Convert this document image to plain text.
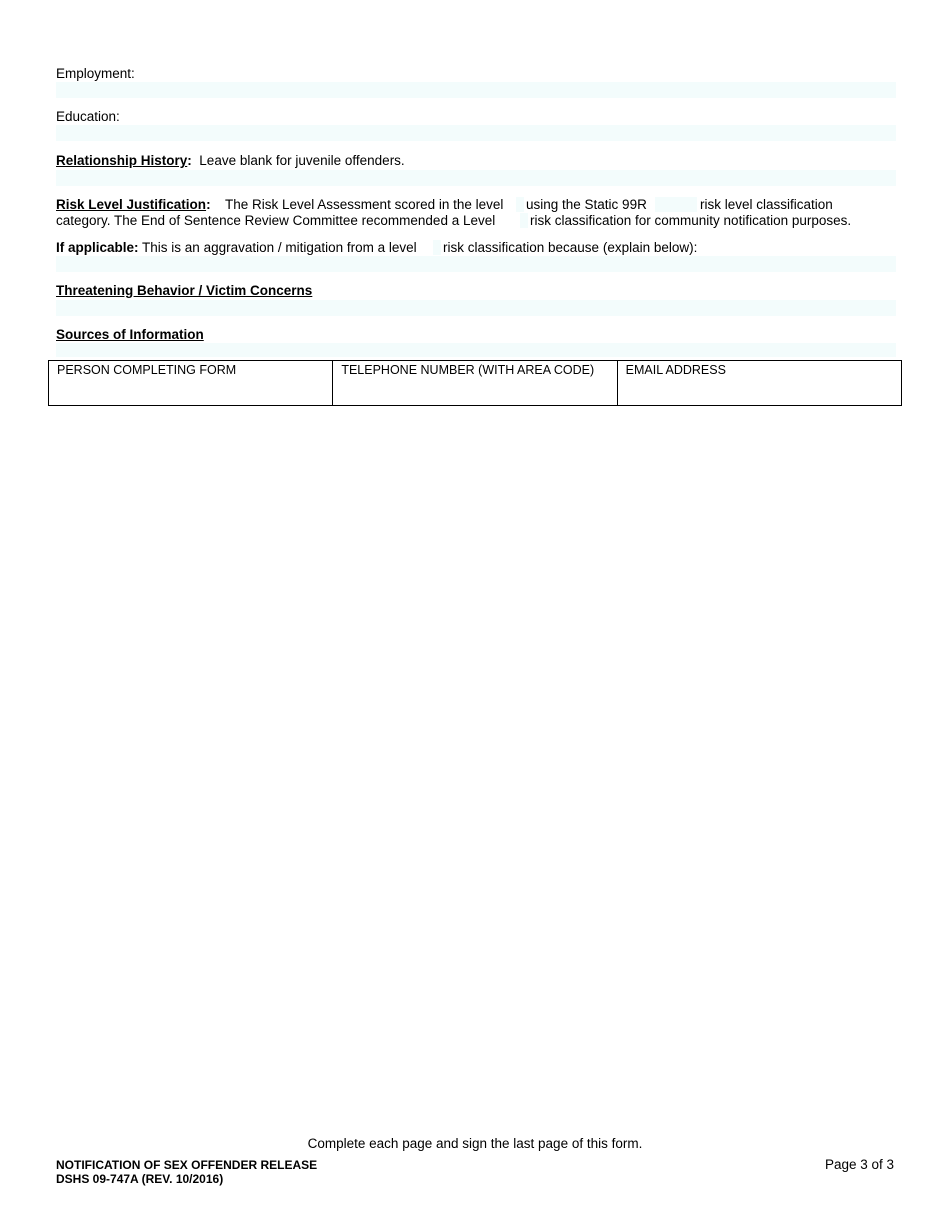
Employment:
Education:
Relationship History: Leave blank for juvenile offenders.
Risk Level Justification: The Risk Level Assessment scored in the level using the Static 99R	risk level classification
category. The End of Sentence Review Committee recommended a Level	risk classification for community notification purposes.
If applicable: This is an aggravation / mitigation from a level risk classification because (explain below):
Threatening Behavior / Victim Concerns
Sources of Information
PERSON COMPLETING FORM	TELEPHONE NUMBER (WITH AREA CODE)	EMAIL ADDRESS
Complete each page and sign the last page of this form.
NOTIFICATION OF SEX OFFENDER RELEASE
DSHS 09-747A (REV. 10/2016)
Page 3 of 3
